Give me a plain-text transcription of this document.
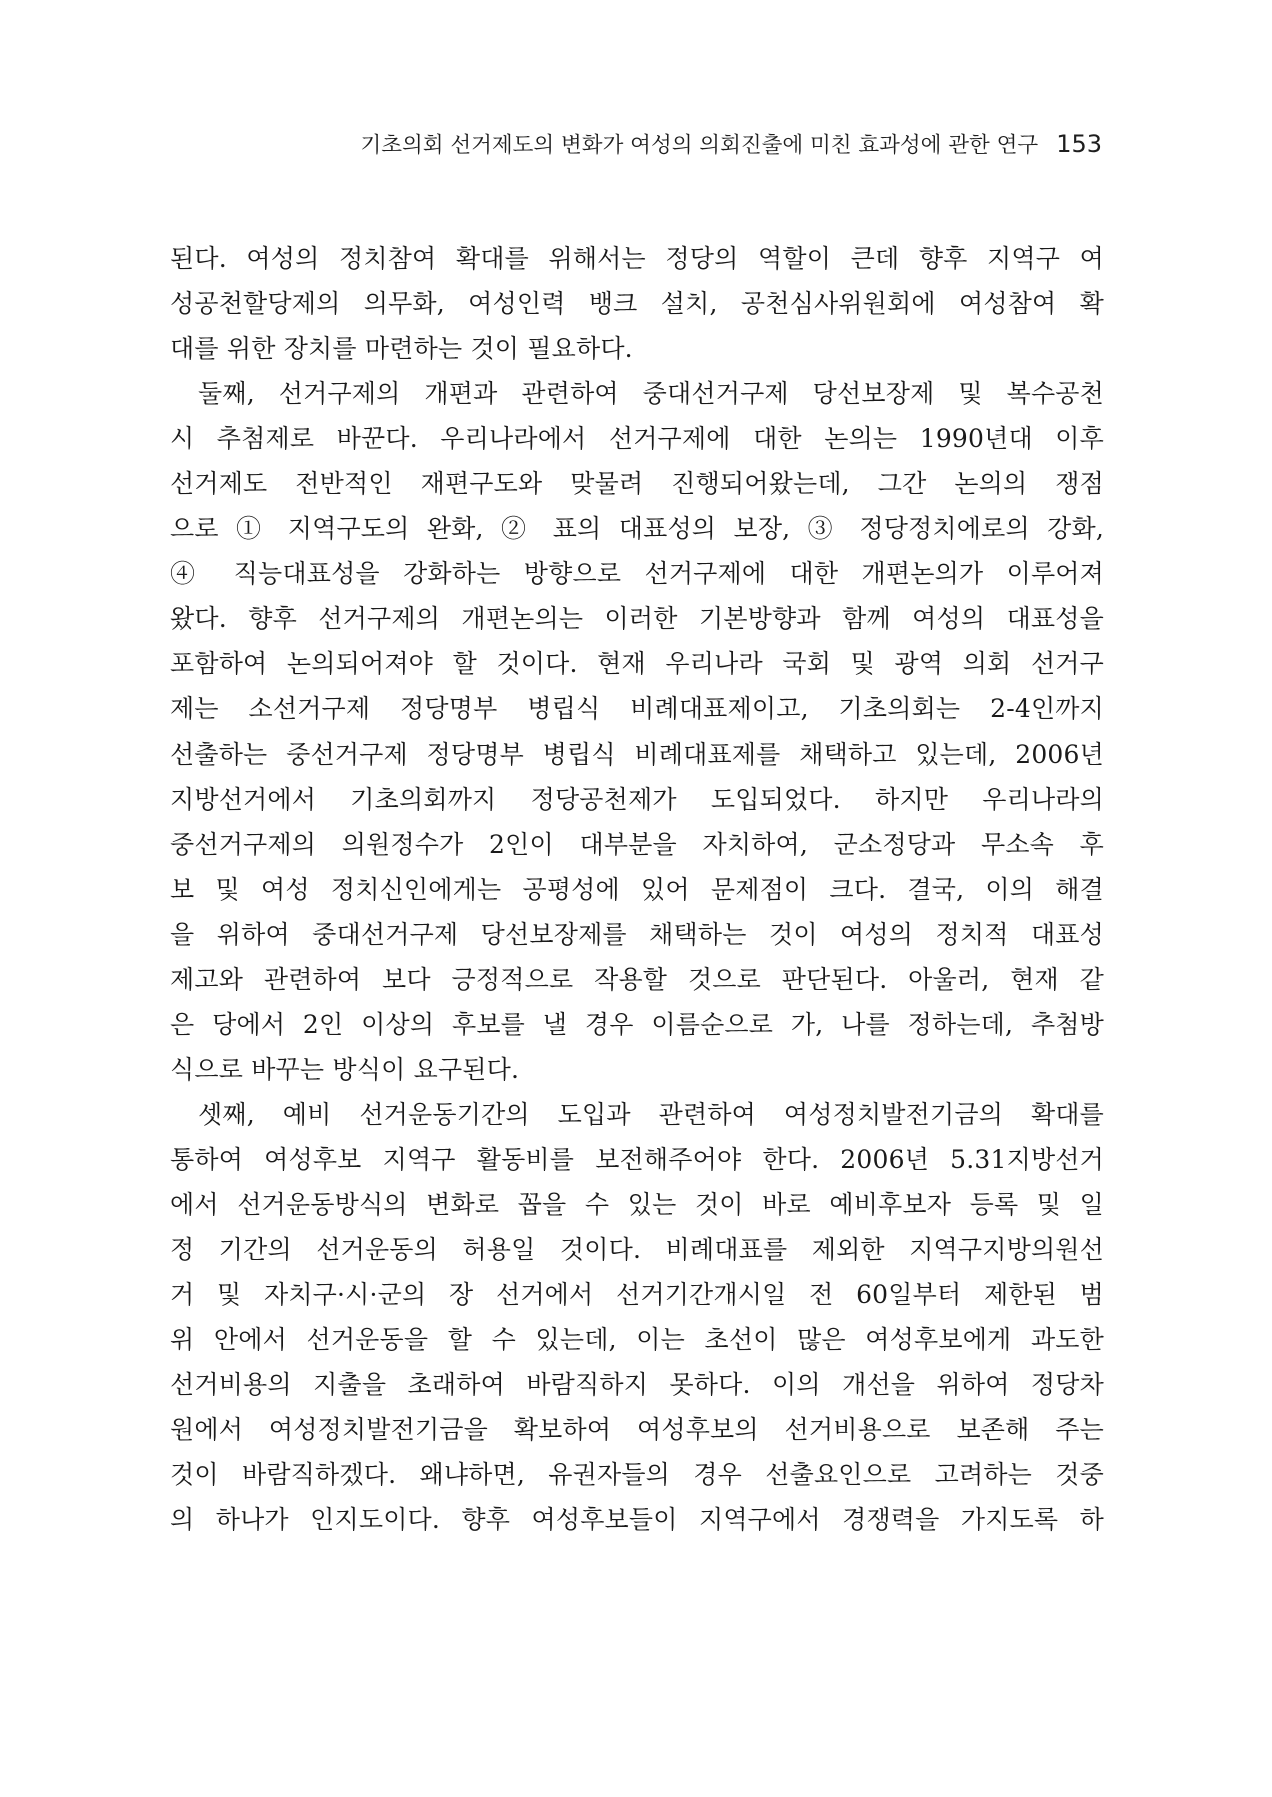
기초의회 선거제도의 변화가 여성의 의회진출에 미친 효과성에 관한 연구 153
된다. 여성의 정치참여 확대를 위해서는 정당의 역할이 큰데 향후 지역구 여
성공천할당제의 의무화, 여성인력 뱅크 설치, 공천심사위원회에 여성참여 확
대를 위한 장치를 마련하는 것이 필요하다.
둘째, 선거구제의 개편과 관련하여 중대선거구제 당선보장제 및 복수공천
시 추첨제로 바꾼다. 우리나라에서 선거구제에 대한 논의는 1990년대 이후
선거제도 전반적인 재편구도와 맞물려 진행되어왔는데, 그간 논의의 쟁점
으로 ① 지역구도의 완화, ② 표의 대표성의 보장, ③ 정당정치에로의 강화,
④ 직능대표성을 강화하는 방향으로 선거구제에 대한 개편논의가 이루어져
왔다. 향후 선거구제의 개편논의는 이러한 기본방향과 함께 여성의 대표성을
포함하여 논의되어져야 할 것이다. 현재 우리나라 국회 및 광역 의회 선거구
제는 소선거구제 정당명부 병립식 비례대표제이고, 기초의회는 2-4인까지
선출하는 중선거구제 정당명부 병립식 비례대표제를 채택하고 있는데, 2006년
지방선거에서 기초의회까지 정당공천제가 도입되었다. 하지만 우리나라의
중선거구제의 의원정수가 2인이 대부분을 자치하여, 군소정당과 무소속 후
보 및 여성 정치신인에게는 공평성에 있어 문제점이 크다. 결국, 이의 해결
을 위하여 중대선거구제 당선보장제를 채택하는 것이 여성의 정치적 대표성
제고와 관련하여 보다 긍정적으로 작용할 것으로 판단된다. 아울러, 현재 같
은 당에서 2인 이상의 후보를 낼 경우 이름순으로 가, 나를 정하는데, 추첨방
식으로 바꾸는 방식이 요구된다.
셋째, 예비 선거운동기간의 도입과 관련하여 여성정치발전기금의 확대를
통하여 여성후보 지역구 활동비를 보전해주어야 한다. 2006년 5.31지방선거
에서 선거운동방식의 변화로 꼽을 수 있는 것이 바로 예비후보자 등록 및 일
정 기간의 선거운동의 허용일 것이다. 비례대표를 제외한 지역구지방의원선
거 및 자치구·시·군의 장 선거에서 선거기간개시일 전 60일부터 제한된 범
위 안에서 선거운동을 할 수 있는데, 이는 초선이 많은 여성후보에게 과도한
선거비용의 지출을 초래하여 바람직하지 못하다. 이의 개선을 위하여 정당차
원에서 여성정치발전기금을 확보하여 여성후보의 선거비용으로 보존해 주는
것이 바람직하겠다. 왜냐하면, 유권자들의 경우 선출요인으로 고려하는 것중
의 하나가 인지도이다. 향후 여성후보들이 지역구에서 경쟁력을 가지도록 하
